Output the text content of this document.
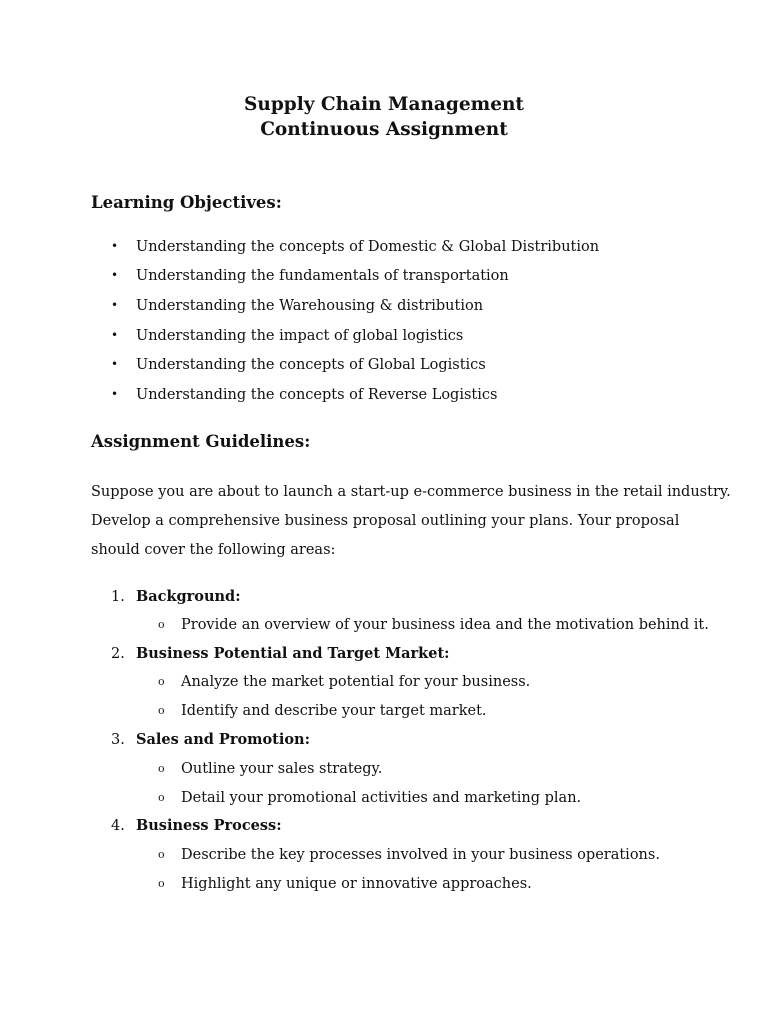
Supply Chain Management
Continuous Assignment
Learning Objectives:
• Understanding the concepts of Domestic & Global Distribution
• Understanding the fundamentals of transportation
• Understanding the Warehousing & distribution
• Understanding the impact of global logistics
• Understanding the concepts of Global Logistics
• Understanding the concepts of Reverse Logistics
Assignment Guidelines:
Suppose you are about to launch a start-up e-commerce business in the retail industry.
Develop a comprehensive business proposal outlining your plans. Your proposal
should cover the following areas:
1. Background:
o Provide an overview of your business idea and the motivation behind it.
2. Business Potential and Target Market:
o Analyze the market potential for your business.
o Identify and describe your target market.
3. Sales and Promotion:
o Outline your sales strategy.
o Detail your promotional activities and marketing plan.
4. Business Process:
o Describe the key processes involved in your business operations.
o Highlight any unique or innovative approaches.
